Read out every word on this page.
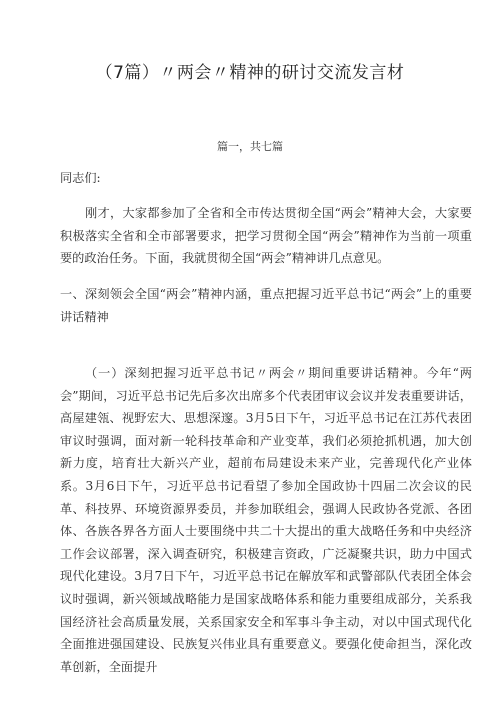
（7篇）〃两会〃精神的研讨交流发言材
篇一，共七篇

同志们:

刚才，大家都参加了全省和全市传达贯彻全国“两会”精神大会，大家要积极落实全省和全市部署要求，把学习贯彻全国“两会”精神作为当前一项重要的政治任务。下面，我就贯彻全国“两会”精神讲几点意见。

一、深刻领会全国“两会”精神内涵，重点把握习近平总书记“两会”上的重要讲话精神

（一）深刻把握习近平总书记〃两会〃期间重要讲话精神。今年“两会”期间，习近平总书记先后多次出席多个代表团审议会议并发表重要讲话，高屋建瓴、视野宏大、思想深邃。3月5日下午，习近平总书记在江苏代表团审议时强调，面对新一轮科技革命和产业变革，我们必须抢抓机遇，加大创新力度，培育壮大新兴产业，超前布局建设未来产业，完善现代化产业体系。3月6日下午，习近平总书记看望了参加全国政协十四届二次会议的民革、科技界、环境资源界委员，并参加联组会，强调人民政协各党派、各团体、各族各界各方面人士要围绕中共二十大提出的重大战略任务和中央经济工作会议部署，深入调查研究，积极建言资政，广泛凝聚共识，助力中国式现代化建设。3月7日下午，习近平总书记在解放军和武警部队代表团全体会议时强调，新兴领域战略能力是国家战略体系和能力重要组成部分，关系我国经济社会高质量发展，关系国家安全和军事斗争主动，对以中国式现代化全面推进强国建设、民族复兴伟业具有重要意义。要强化使命担当，深化改革创新，全面提升
